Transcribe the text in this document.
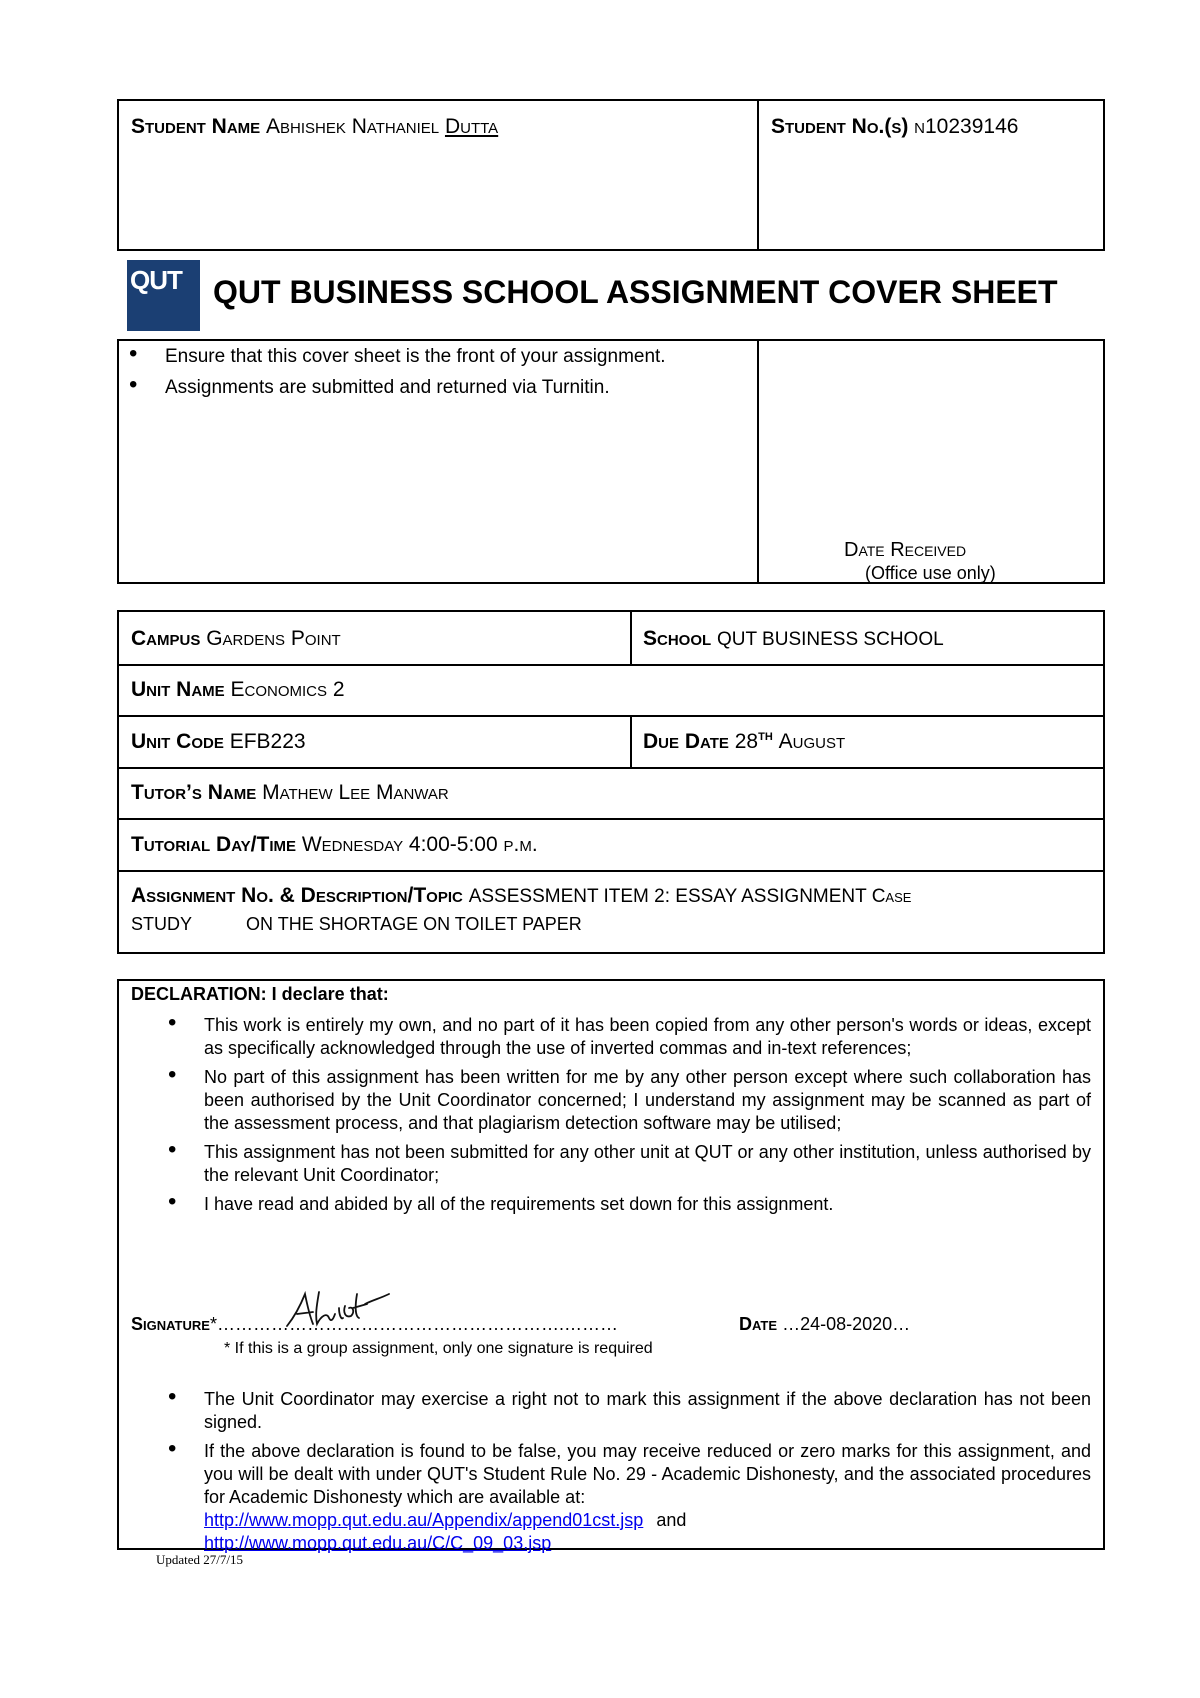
Student Name Abhishek Nathaniel Dutta	Student No.(s) n10239146
QUT QUT BUSINESS SCHOOL ASSIGNMENT COVER SHEET
• Ensure that this cover sheet is the front of your assignment.
• Assignments are submitted and returned via Turnitin.
Date Received
(Office use only)
Campus Gardens Point	School QUT BUSINESS SCHOOL
Unit Name Economics 2
Unit Code EFB223	Due Date 28TH August
Tutor’s Name Mathew Lee Manwar
Tutorial Day/Time Wednesday 4:00-5:00 p.m.
Assignment No. & Description/Topic ASSESSMENT ITEM 2: ESSAY ASSIGNMENT Case
STUDY	ON THE SHORTAGE ON TOILET PAPER
DECLARATION: I declare that:
• This work is entirely my own, and no part of it has been copied from any other person's words or ideas, except as specifically acknowledged through the use of inverted commas and in-text references;
• No part of this assignment has been written for me by any other person except where such collaboration has been authorised by the Unit Coordinator concerned; I understand my assignment may be scanned as part of the assessment process, and that plagiarism detection software may be utilised;
• This assignment has not been submitted for any other unit at QUT or any other institution, unless authorised by the relevant Unit Coordinator;
• I have read and abided by all of the requirements set down for this assignment.
Signature*………………………………………………….………	Date …24-08-2020…
* If this is a group assignment, only one signature is required
• The Unit Coordinator may exercise a right not to mark this assignment if the above declaration has not been signed.
• If the above declaration is found to be false, you may receive reduced or zero marks for this assignment, and you will be dealt with under QUT's Student Rule No. 29 - Academic Dishonesty, and the associated procedures for Academic Dishonesty which are available at:
http://www.mopp.qut.edu.au/Appendix/append01cst.jsp and
http://www.mopp.qut.edu.au/C/C_09_03.jsp
Updated 27/7/15
